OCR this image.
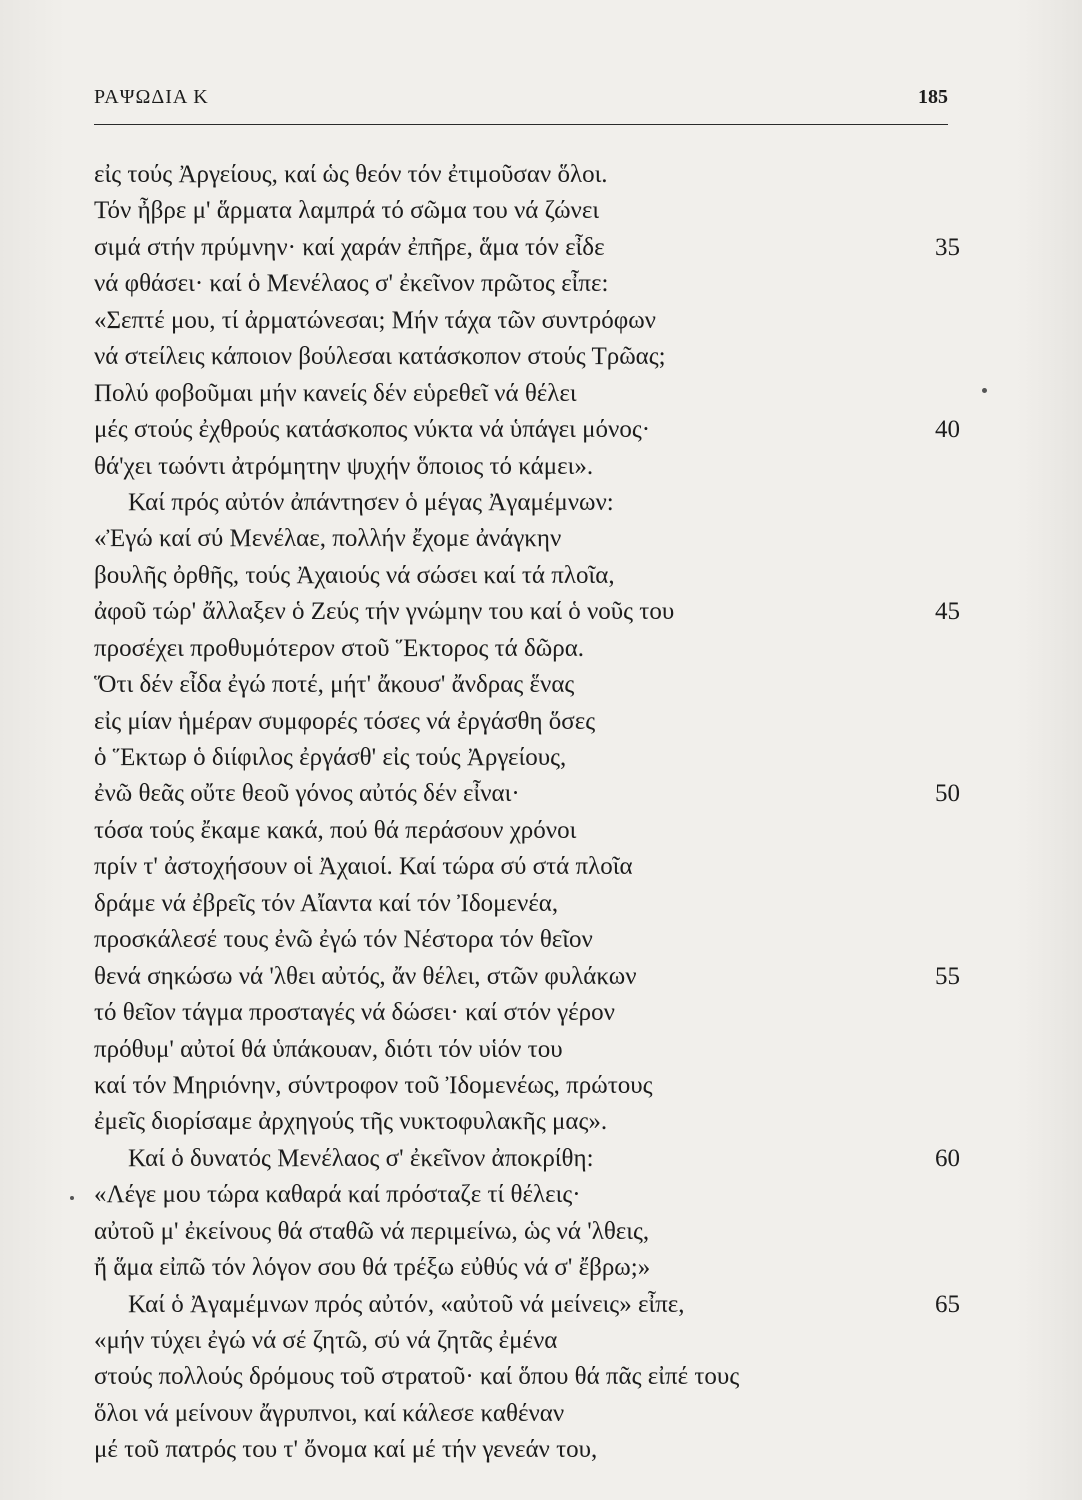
ΡΑΨΩΔΙΑ Κ	185
εἰς τούς Ἀργείους, καί ὡς θεόν τόν ἐτιμοῦσαν ὅλοι.
Τόν ἦβρε μ' ἅρματα λαμπρά τό σῶμα του νά ζώνει
σιμά στήν πρύμνην· καί χαράν ἐπῆρε, ἅμα τόν εἶδε	35
νά φθάσει· καί ὁ Μενέλαος σ' ἐκεῖνον πρῶτος εἶπε:
«Σεπτέ μου, τί ἀρματώνεσαι; Μήν τάχα τῶν συντρόφων
νά στείλεις κάποιον βούλεσαι κατάσκοπον στούς Τρῶας;
Πολύ φοβοῦμαι μήν κανείς δέν εὑρεθεῖ νά θέλει
μές στούς ἐχθρούς κατάσκοπος νύκτα νά ὑπάγει μόνος·	40
θά'χει τωόντι ἀτρόμητην ψυχήν ὅποιος τό κάμει».
Καί πρός αὐτόν ἀπάντησεν ὁ μέγας Ἀγαμέμνων:
«Ἐγώ καί σύ Μενέλαε, πολλήν ἔχομε ἀνάγκην
βουλῆς ὀρθῆς, τούς Ἀχαιούς νά σώσει καί τά πλοῖα,
ἀφοῦ τώρ' ἄλλαξεν ὁ Ζεύς τήν γνώμην του καί ὁ νοῦς του	45
προσέχει προθυμότερον στοῦ Ἕκτορος τά δῶρα.
Ὅτι δέν εἶδα ἐγώ ποτέ, μήτ' ἄκουσ' ἄνδρας ἕνας
εἰς μίαν ἡμέραν συμφορές τόσες νά ἐργάσθη ὅσες
ὁ Ἕκτωρ ὁ διίφιλος ἐργάσθ' εἰς τούς Ἀργείους,
ἐνῶ θεᾶς οὔτε θεοῦ γόνος αὐτός δέν εἶναι·	50
τόσα τούς ἔκαμε κακά, πού θά περάσουν χρόνοι
πρίν τ' ἀστοχήσουν οἱ Ἀχαιοί. Καί τώρα σύ στά πλοῖα
δράμε νά ἐβρεῖς τόν Αἴαντα καί τόν Ἰδομενέα,
προσκάλεσέ τους ἐνῶ ἐγώ τόν Νέστορα τόν θεῖον
θενά σηκώσω νά 'λθει αὐτός, ἄν θέλει, στῶν φυλάκων	55
τό θεῖον τάγμα προσταγές νά δώσει· καί στόν γέρον
πρόθυμ' αὐτοί θά ὑπάκουαν, διότι τόν υἱόν του
καί τόν Μηριόνην, σύντροφον τοῦ Ἰδομενέως, πρώτους
ἐμεῖς διορίσαμε ἀρχηγούς τῆς νυκτοφυλακῆς μας».
Καί ὁ δυνατός Μενέλαος σ' ἐκεῖνον ἀποκρίθη:	60
«Λέγε μου τώρα καθαρά καί πρόσταζε τί θέλεις·
αὐτοῦ μ' ἐκείνους θά σταθῶ νά περιμείνω, ὡς νά 'λθεις,
ἤ ἅμα εἰπῶ τόν λόγον σου θά τρέξω εὐθύς νά σ' ἔβρω;»
Καί ὁ Ἀγαμέμνων πρός αὐτόν, «αὐτοῦ νά μείνεις» εἶπε,	65
«μήν τύχει ἐγώ νά σέ ζητῶ, σύ νά ζητᾶς ἐμένα
στούς πολλούς δρόμους τοῦ στρατοῦ· καί ὅπου θά πᾶς εἰπέ τους
ὅλοι νά μείνουν ἄγρυπνοι, καί κάλεσε καθέναν
μέ τοῦ πατρός του τ' ὄνομα καί μέ τήν γενεάν του,
